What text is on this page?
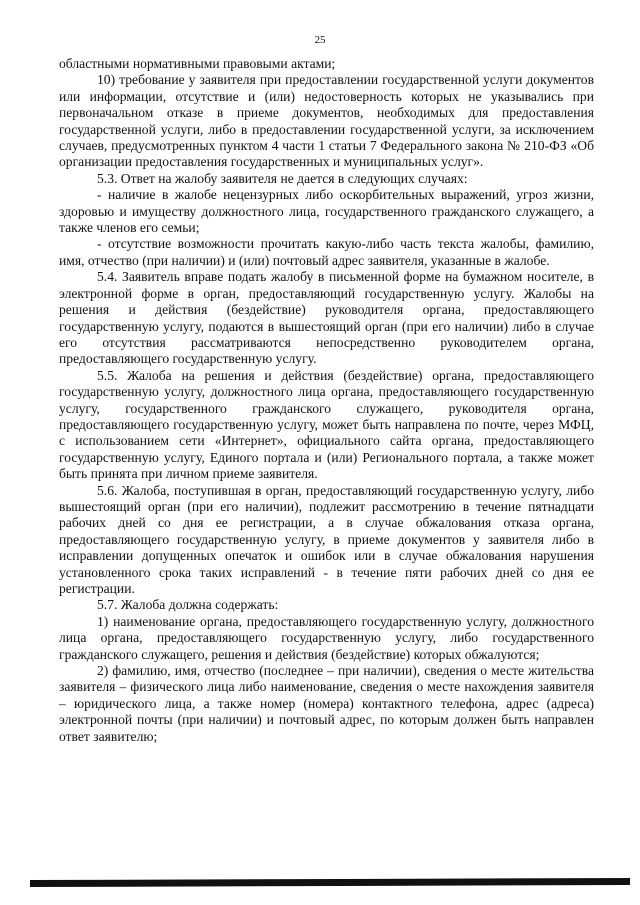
25

областными нормативными правовыми актами;

10) требование у заявителя при предоставлении государственной услуги документов или информации, отсутствие и (или) недостоверность которых не указывались при первоначальном отказе в приеме документов, необходимых для предоставления государственной услуги, либо в предоставлении государственной услуги, за исключением случаев, предусмотренных пунктом 4 части 1 статьи 7 Федерального закона № 210-ФЗ «Об организации предоставления государственных и муниципальных услуг».

5.3. Ответ на жалобу заявителя не дается в следующих случаях:

- наличие в жалобе нецензурных либо оскорбительных выражений, угроз жизни, здоровью и имуществу должностного лица, государственного гражданского служащего, а также членов его семьи;

- отсутствие возможности прочитать какую-либо часть текста жалобы, фамилию, имя, отчество (при наличии) и (или) почтовый адрес заявителя, указанные в жалобе.

5.4. Заявитель вправе подать жалобу в письменной форме на бумажном носителе, в электронной форме в орган, предоставляющий государственную услугу. Жалобы на решения и действия (бездействие) руководителя органа, предоставляющего государственную услугу, подаются в вышестоящий орган (при его наличии) либо в случае его отсутствия рассматриваются непосредственно руководителем органа, предоставляющего государственную услугу.

5.5. Жалоба на решения и действия (бездействие) органа, предоставляющего государственную услугу, должностного лица органа, предоставляющего государственную услугу, государственного гражданского служащего, руководителя органа, предоставляющего государственную услугу, может быть направлена по почте, через МФЦ, с использованием сети «Интернет», официального сайта органа, предоставляющего государственную услугу, Единого портала и (или) Регионального портала, а также может быть принята при личном приеме заявителя.

5.6. Жалоба, поступившая в орган, предоставляющий государственную услугу, либо вышестоящий орган (при его наличии), подлежит рассмотрению в течение пятнадцати рабочих дней со дня ее регистрации, а в случае обжалования отказа органа, предоставляющего государственную услугу, в приеме документов у заявителя либо в исправлении допущенных опечаток и ошибок или в случае обжалования нарушения установленного срока таких исправлений - в течение пяти рабочих дней со дня ее регистрации.

5.7. Жалоба должна содержать:

1) наименование органа, предоставляющего государственную услугу, должностного лица органа, предоставляющего государственную услугу, либо государственного гражданского служащего, решения и действия (бездействие) которых обжалуются;

2) фамилию, имя, отчество (последнее – при наличии), сведения о месте жительства заявителя – физического лица либо наименование, сведения о месте нахождения заявителя – юридического лица, а также номер (номера) контактного телефона, адрес (адреса) электронной почты (при наличии) и почтовый адрес, по которым должен быть направлен ответ заявителю;
